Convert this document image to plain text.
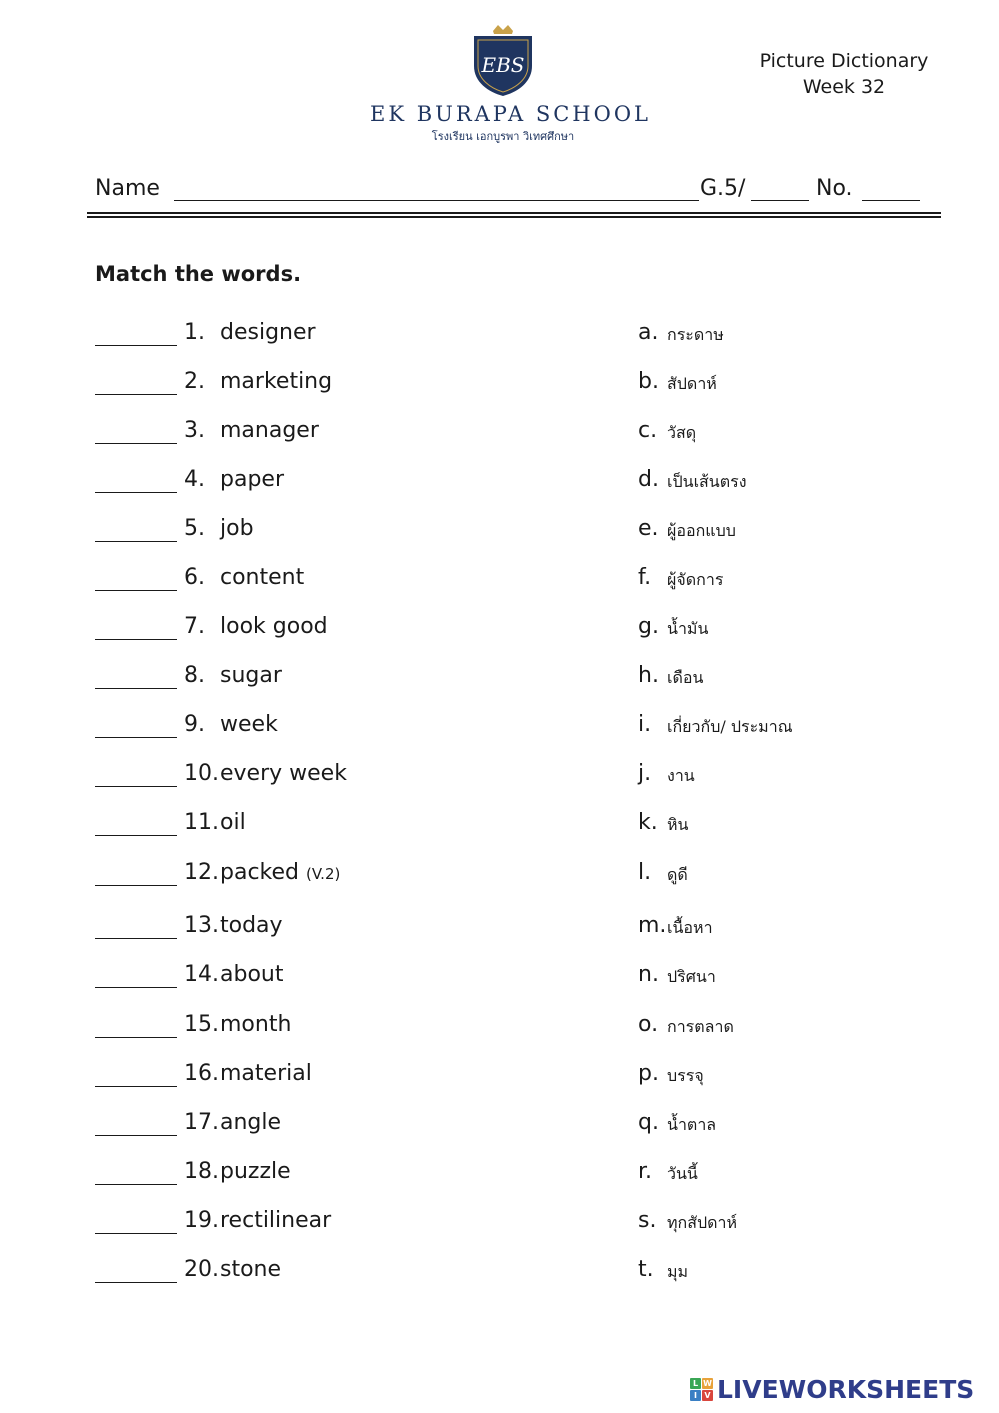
EBS
EK BURAPA SCHOOL
โรงเรียน เอกบูรพา วิเทศศึกษา
Picture Dictionary
Week 32
Name	G.5/	No.
Match the words.
1. designer	a. กระดาษ
2. marketing	b. สัปดาห์
3. manager	c. วัสดุ
4. paper	d. เป็นเส้นตรง
5. job	e. ผู้ออกแบบ
6. content	f. ผู้จัดการ
7. look good	g. น้ำมัน
8. sugar	h. เดือน
9. week	i. เกี่ยวกับ/ ประมาณ
10. every week	j. งาน
11. oil	k. หิน
12. packed (V.2)	l. ดูดี
13. today	m. เนื้อหา
14. about	n. ปริศนา
15. month	o. การตลาด
16. material	p. บรรจุ
17. angle	q. น้ำตาล
18. puzzle	r. วันนี้
19. rectilinear	s. ทุกสัปดาห์
20. stone	t. มุม
L W
I V LIVEWORKSHEETS
